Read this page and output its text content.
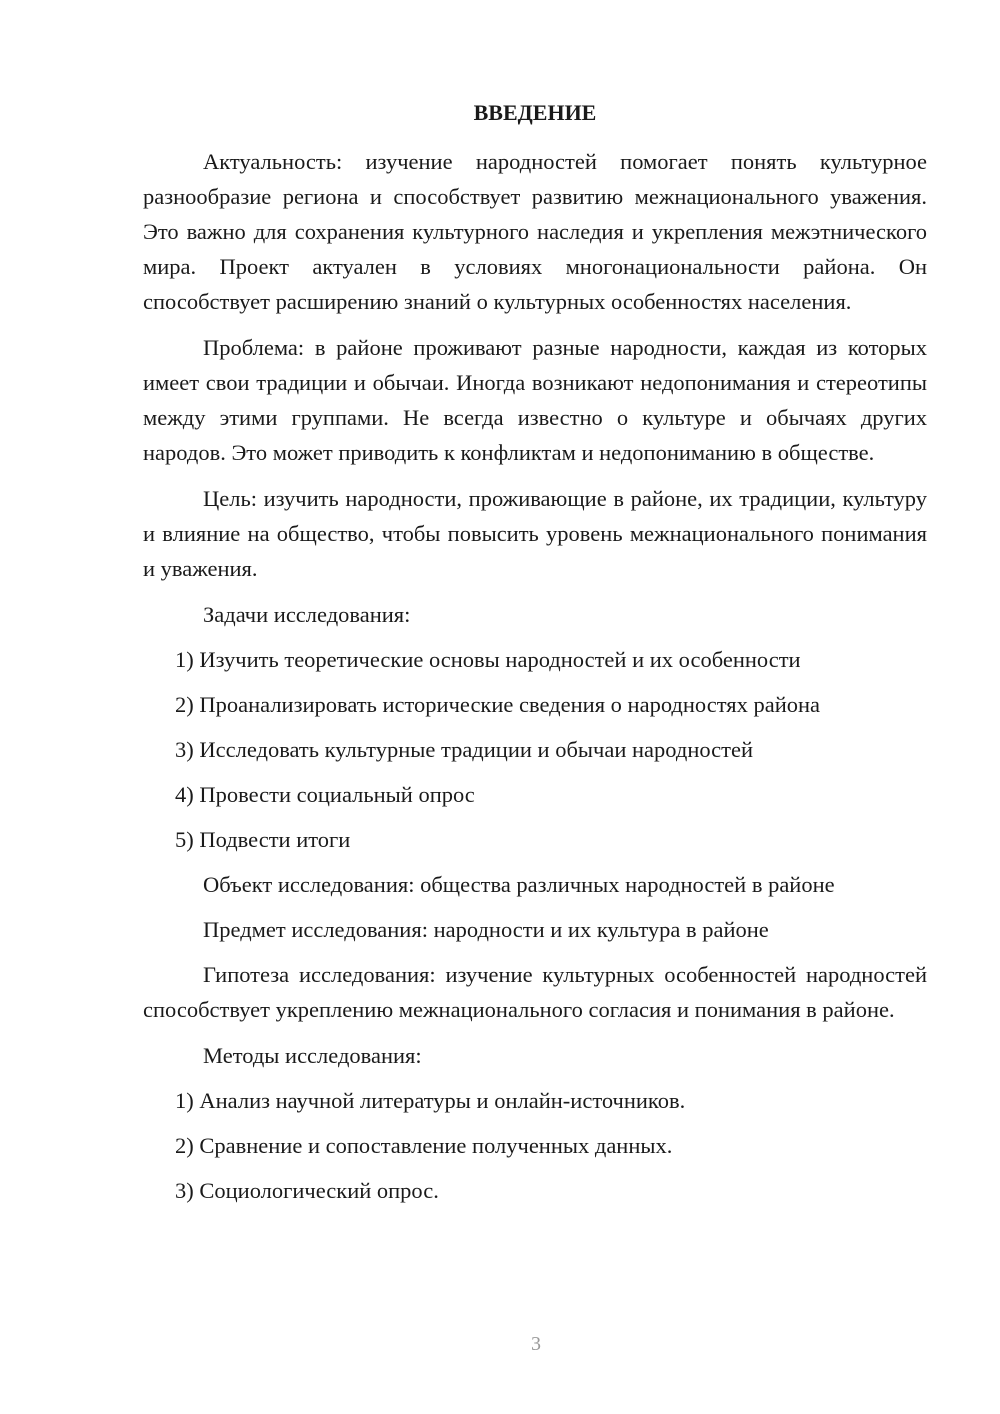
ВВЕДЕНИЕ

Актуальность: изучение народностей помогает понять культурное разнообразие региона и способствует развитию межнационального уважения. Это важно для сохранения культурного наследия и укрепления межэтнического мира. Проект актуален в условиях многонациональности района. Он способствует расширению знаний о культурных особенностях населения.

Проблема: в районе проживают разные народности, каждая из которых имеет свои традиции и обычаи. Иногда возникают недопонимания и стереотипы между этими группами. Не всегда известно о культуре и обычаях других народов. Это может приводить к конфликтам и недопониманию в обществе.

Цель: изучить народности, проживающие в районе, их традиции, культуру и влияние на общество, чтобы повысить уровень межнационального понимания и уважения.

Задачи исследования:

1) Изучить теоретические основы народностей и их особенности
2) Проанализировать исторические сведения о народностях района
3) Исследовать культурные традиции и обычаи народностей
4) Провести социальный опрос
5) Подвести итоги

Объект исследования: общества различных народностей в районе

Предмет исследования: народности и их культура в районе

Гипотеза исследования: изучение культурных особенностей народностей способствует укреплению межнационального согласия и понимания в районе.

Методы исследования:

1) Анализ научной литературы и онлайн-источников.
2) Сравнение и сопоставление полученных данных.
3) Социологический опрос.
3
